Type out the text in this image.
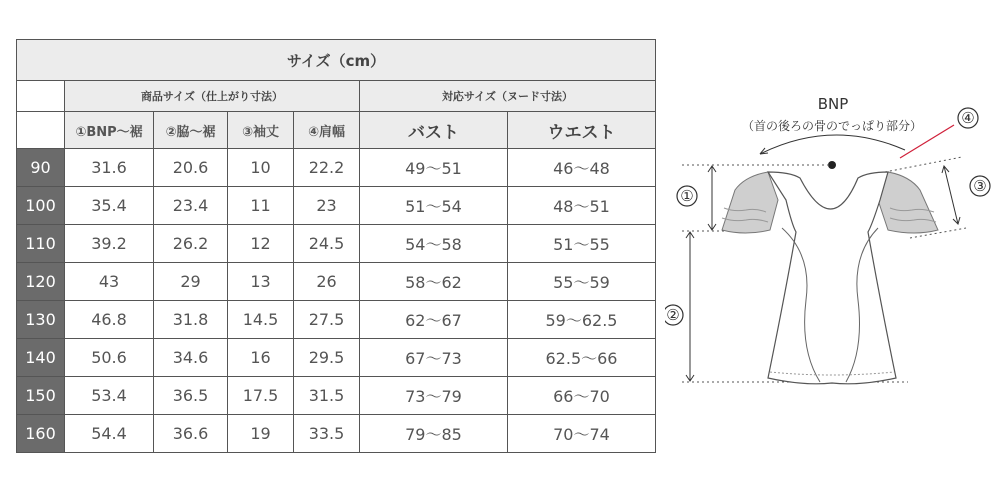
サイズ（cm）						
	商品サイズ（仕上がり寸法）				対応サイズ（ヌード寸法）	
	①BNP～裾	②脇～裾	③袖丈	④肩幅	バスト	ウエスト
90	31.6	20.6	10	22.2	49～51	46～48
100	35.4	23.4	11	23	51～54	48～51
110	39.2	26.2	12	24.5	54～58	51～55
120	43	29	13	26	58～62	55～59
130	46.8	31.8	14.5	27.5	62～67	59～62.5
140	50.6	34.6	16	29.5	67～73	62.5～66
150	53.4	36.5	17.5	31.5	73～79	66～70
160	54.4	36.6	19	33.5	79～85	70～74
BNP
（首の後ろの骨のでっぱり部分）	④
①
②
③
